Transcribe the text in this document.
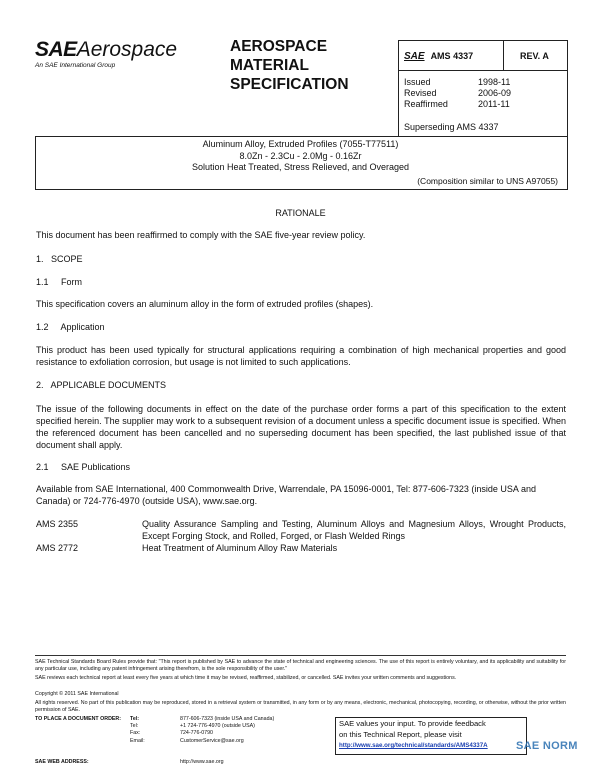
SAEAerospace
An SAE International Group
AEROSPACE
MATERIAL
SPECIFICATION
SAE AMS 4337	REV. A
Issued	1998-11
Revised	2006-09
Reaffirmed	2011-11
Superseding AMS 4337
Aluminum Alloy, Extruded Profiles (7055-T77511)
8.0Zn - 2.3Cu - 2.0Mg - 0.16Zr
Solution Heat Treated, Stress Relieved, and Overaged
(Composition similar to UNS A97055)
RATIONALE
This document has been reaffirmed to comply with the SAE five-year review policy.
1.   SCOPE
1.1     Form
This specification covers an aluminum alloy in the form of extruded profiles (shapes).
1.2     Application
This product has been used typically for structural applications requiring a combination of high mechanical properties and good resistance to exfoliation corrosion, but usage is not limited to such applications.
2.   APPLICABLE DOCUMENTS
The issue of the following documents in effect on the date of the purchase order forms a part of this specification to the extent specified herein. The supplier may work to a subsequent revision of a document unless a specific document issue is specified. When the referenced document has been cancelled and no superseding document has been specified, the last published issue of that document shall apply.
2.1     SAE Publications
Available from SAE International, 400 Commonwealth Drive, Warrendale, PA 15096-0001, Tel: 877-606-7323 (inside USA and Canada) or 724-776-4970 (outside USA), www.sae.org.
AMS 2355	Quality Assurance Sampling and Testing, Aluminum Alloys and Magnesium Alloys, Wrought Products, Except Forging Stock, and Rolled, Forged, or Flash Welded Rings
AMS 2772	Heat Treatment of Aluminum Alloy Raw Materials
SAE Technical Standards Board Rules provide that: "This report is published by SAE to advance the state of technical and engineering sciences. The use of this report is entirely voluntary, and its applicability and suitability for any particular use, including any patent infringement arising therefrom, is the sole responsibility of the user."
SAE reviews each technical report at least every five years at which time it may be revised, reaffirmed, stabilized, or cancelled. SAE invites your written comments and suggestions.
Copyright © 2011 SAE International
All rights reserved. No part of this publication may be reproduced, stored in a retrieval system or transmitted, in any form or by any means, electronic, mechanical, photocopying, recording, or otherwise, without the prior written permission of SAE.
TO PLACE A DOCUMENT ORDER: Tel:	877-606-7323 (inside USA and Canada)
Tel:	+1 724-776-4970 (outside USA)
Fax:	724-776-0790
Email:	CustomerService@sae.org
SAE WEB ADDRESS:	http://www.sae.org
SAE values your input. To provide feedback
on this Technical Report, please visit
http://www.sae.org/technical/standards/AMS4337A	SAE NORM
